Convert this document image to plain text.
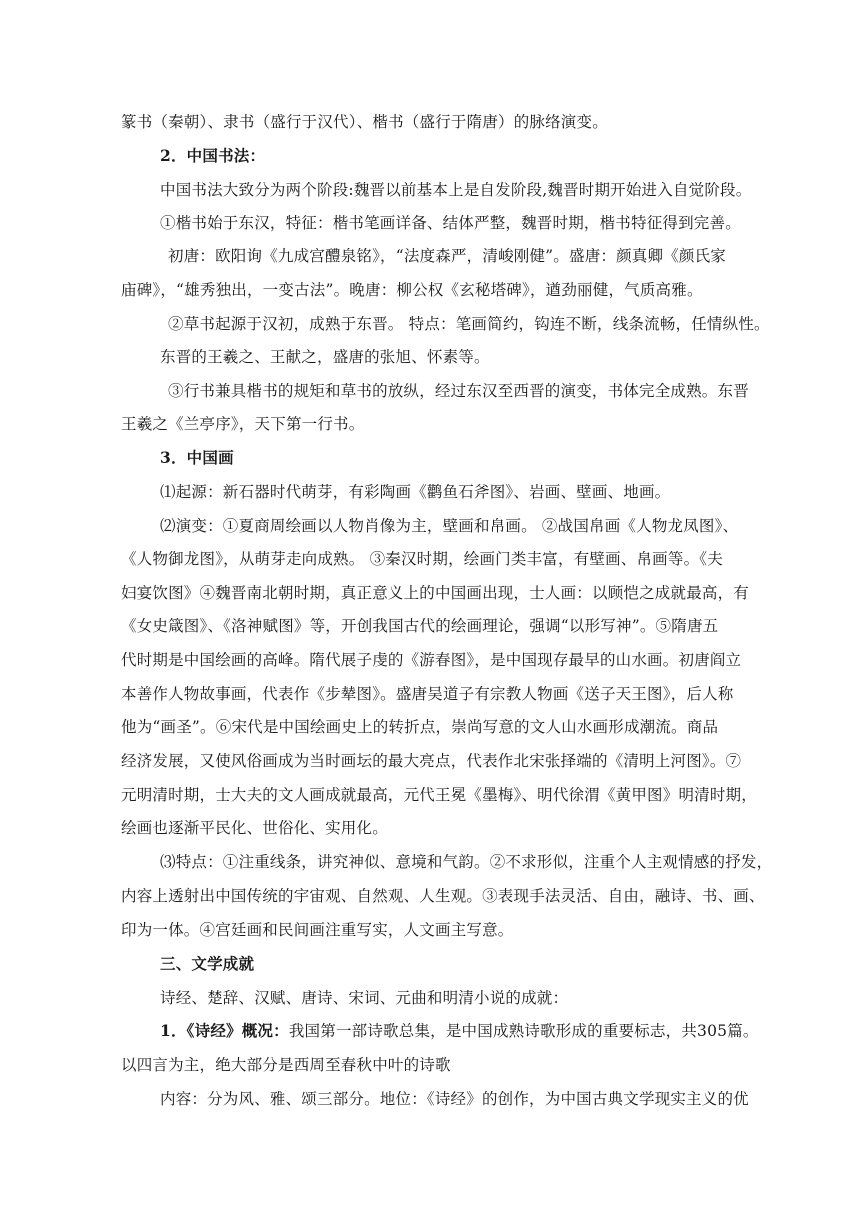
篆书（秦朝）、隶书（盛行于汉代）、楷书（盛行于隋唐）的脉络演变。
2．中国书法：
中国书法大致分为两个阶段:魏晋以前基本上是自发阶段,魏晋时期开始进入自觉阶段。
①楷书始于东汉，特征：楷书笔画详备、结体严整，魏晋时期，楷书特征得到完善。
初唐：欧阳询《九成宫醴泉铭》，“法度森严，清峻刚健”。盛唐：颜真卿《颜氏家
庙碑》，“雄秀独出，一变古法”。晚唐：柳公权《玄秘塔碑》，遒劲丽健，气质高雅。
②草书起源于汉初，成熟于东晋。 特点：笔画简约，钩连不断，线条流畅，任情纵性。
东晋的王羲之、王献之，盛唐的张旭、怀素等。
③行书兼具楷书的规矩和草书的放纵，经过东汉至西晋的演变，书体完全成熟。东晋
王羲之《兰亭序》，天下第一行书。
3．中国画
⑴起源：新石器时代萌芽，有彩陶画《鹳鱼石斧图》、岩画、壁画、地画。
⑵演变：①夏商周绘画以人物肖像为主，壁画和帛画。 ②战国帛画《人物龙凤图》、
《人物御龙图》，从萌芽走向成熟。 ③秦汉时期，绘画门类丰富，有壁画、帛画等。《夫
妇宴饮图》④魏晋南北朝时期，真正意义上的中国画出现，士人画：以顾恺之成就最高，有
《女史箴图》、《洛神赋图》等，开创我国古代的绘画理论，强调“以形写神”。⑤隋唐五
代时期是中国绘画的高峰。隋代展子虔的《游春图》，是中国现存最早的山水画。初唐阎立
本善作人物故事画，代表作《步辇图》。盛唐吴道子有宗教人物画《送子天王图》，后人称
他为“画圣”。⑥宋代是中国绘画史上的转折点，崇尚写意的文人山水画形成潮流。商品
经济发展，又使风俗画成为当时画坛的最大亮点，代表作北宋张择端的《清明上河图》。⑦
元明清时期，士大夫的文人画成就最高，元代王冕《墨梅》、明代徐渭《黄甲图》明清时期，
绘画也逐渐平民化、世俗化、实用化。
⑶特点：①注重线条，讲究神似、意境和气韵。②不求形似，注重个人主观情感的抒发，
内容上透射出中国传统的宇宙观、自然观、人生观。③表现手法灵活、自由，融诗、书、画、
印为一体。④宫廷画和民间画注重写实，人文画主写意。
三、文学成就
诗经、楚辞、汉赋、唐诗、宋词、元曲和明清小说的成就：
1．《诗经》概况：我国第一部诗歌总集，是中国成熟诗歌形成的重要标志，共305篇。
以四言为主，绝大部分是西周至春秋中叶的诗歌
内容：分为风、雅、颂三部分。地位：《诗经》的创作，为中国古典文学现实主义的优
